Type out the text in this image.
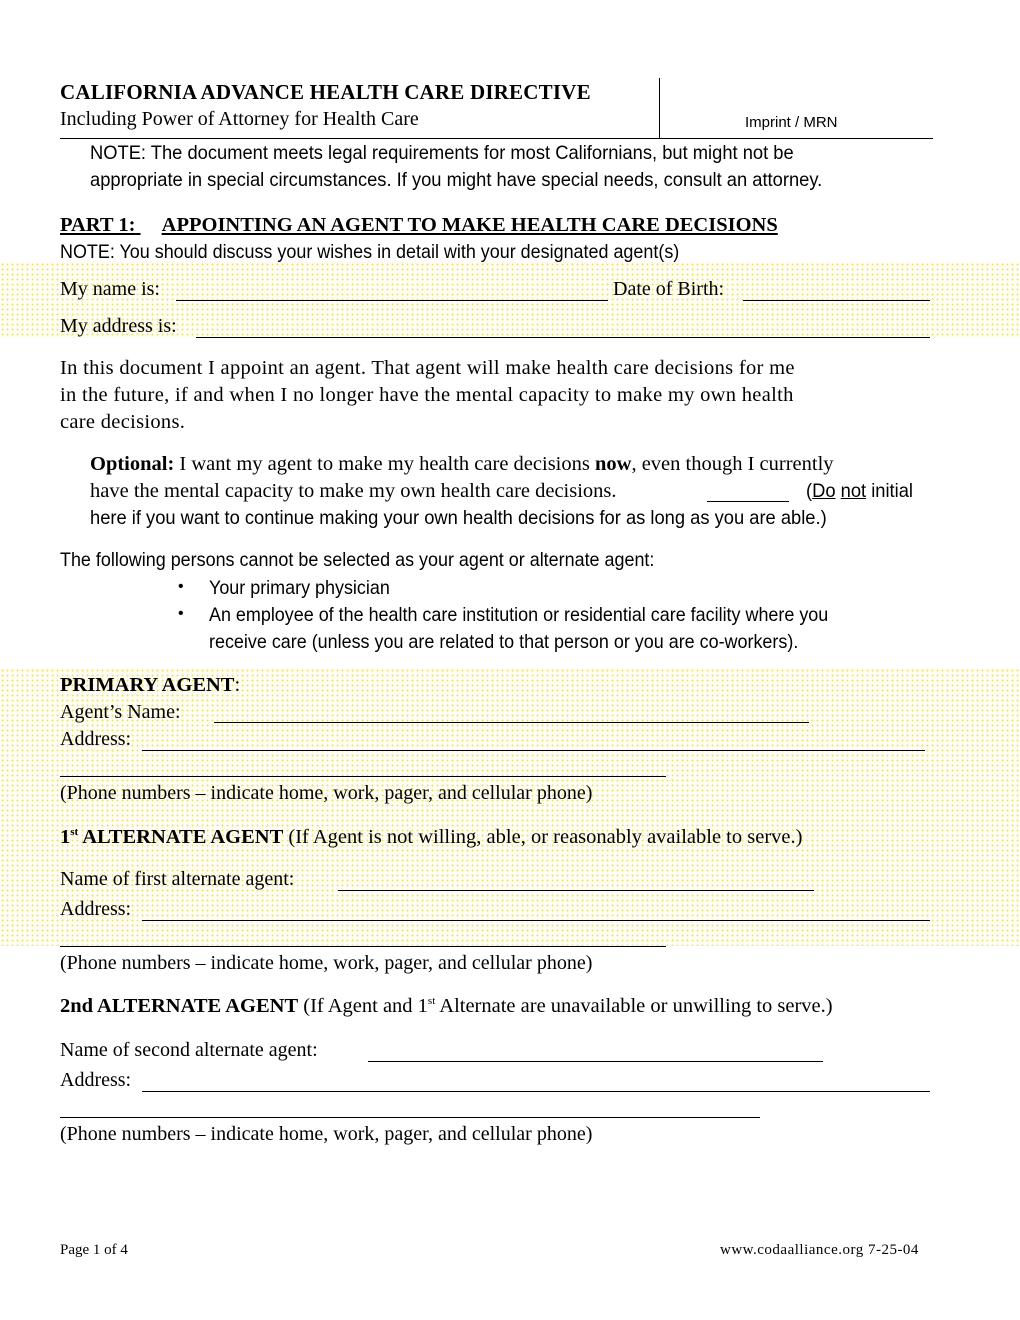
CALIFORNIA ADVANCE HEALTH CARE DIRECTIVE
Including Power of Attorney for Health Care	Imprint / MRN
NOTE: The document meets legal requirements for most Californians, but might not be
appropriate in special circumstances. If you might have special needs, consult an attorney.
PART 1: APPOINTING AN AGENT TO MAKE HEALTH CARE DECISIONS
NOTE: You should discuss your wishes in detail with your designated agent(s)
My name is:	Date of Birth:
My address is:
In this document I appoint an agent. That agent will make health care decisions for me
in the future, if and when I no longer have the mental capacity to make my own health
care decisions.
Optional: I want my agent to make my health care decisions now, even though I currently
have the mental capacity to make my own health care decisions.	(Do not initial
here if you want to continue making your own health decisions for as long as you are able.)
The following persons cannot be selected as your agent or alternate agent:
• Your primary physician
• An employee of the health care institution or residential care facility where you
receive care (unless you are related to that person or you are co-workers).
PRIMARY AGENT:
Agent’s Name:
Address:
(Phone numbers – indicate home, work, pager, and cellular phone)
1st ALTERNATE AGENT (If Agent is not willing, able, or reasonably available to serve.)
Name of first alternate agent:
Address:
(Phone numbers – indicate home, work, pager, and cellular phone)
2nd ALTERNATE AGENT (If Agent and 1st Alternate are unavailable or unwilling to serve.)
Name of second alternate agent:
Address:
(Phone numbers – indicate home, work, pager, and cellular phone)
Page 1 of 4	www.codaalliance.org 7-25-04
